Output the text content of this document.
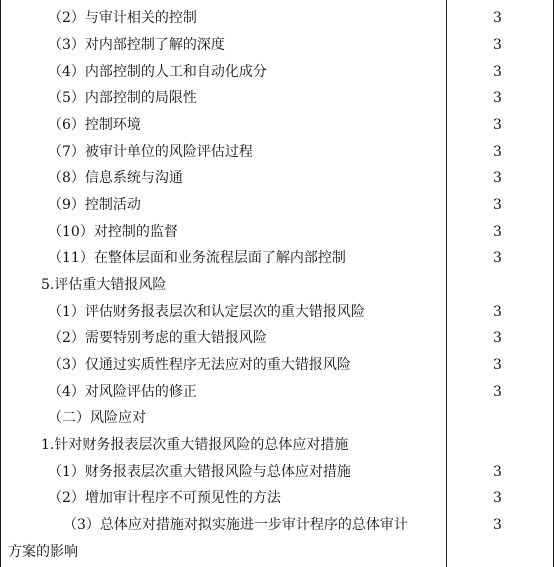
（2）与审计相关的控制	3
（3）对内部控制了解的深度	3
（4）内部控制的人工和自动化成分	3
（5）内部控制的局限性	3
（6）控制环境	3
（7）被审计单位的风险评估过程	3
（8）信息系统与沟通	3
（9）控制活动	3
（10）对控制的监督	3
（11）在整体层面和业务流程层面了解内部控制	3
5.评估重大错报风险
（1）评估财务报表层次和认定层次的重大错报风险	3
（2）需要特别考虑的重大错报风险	3
（3）仅通过实质性程序无法应对的重大错报风险	3
（4）对风险评估的修正	3
（二）风险应对
1.针对财务报表层次重大错报风险的总体应对措施
（1）财务报表层次重大错报风险与总体应对措施	3
（2）增加审计程序不可预见性的方法	3
（3）总体应对措施对拟实施进一步审计程序的总体审计	3
方案的影响
